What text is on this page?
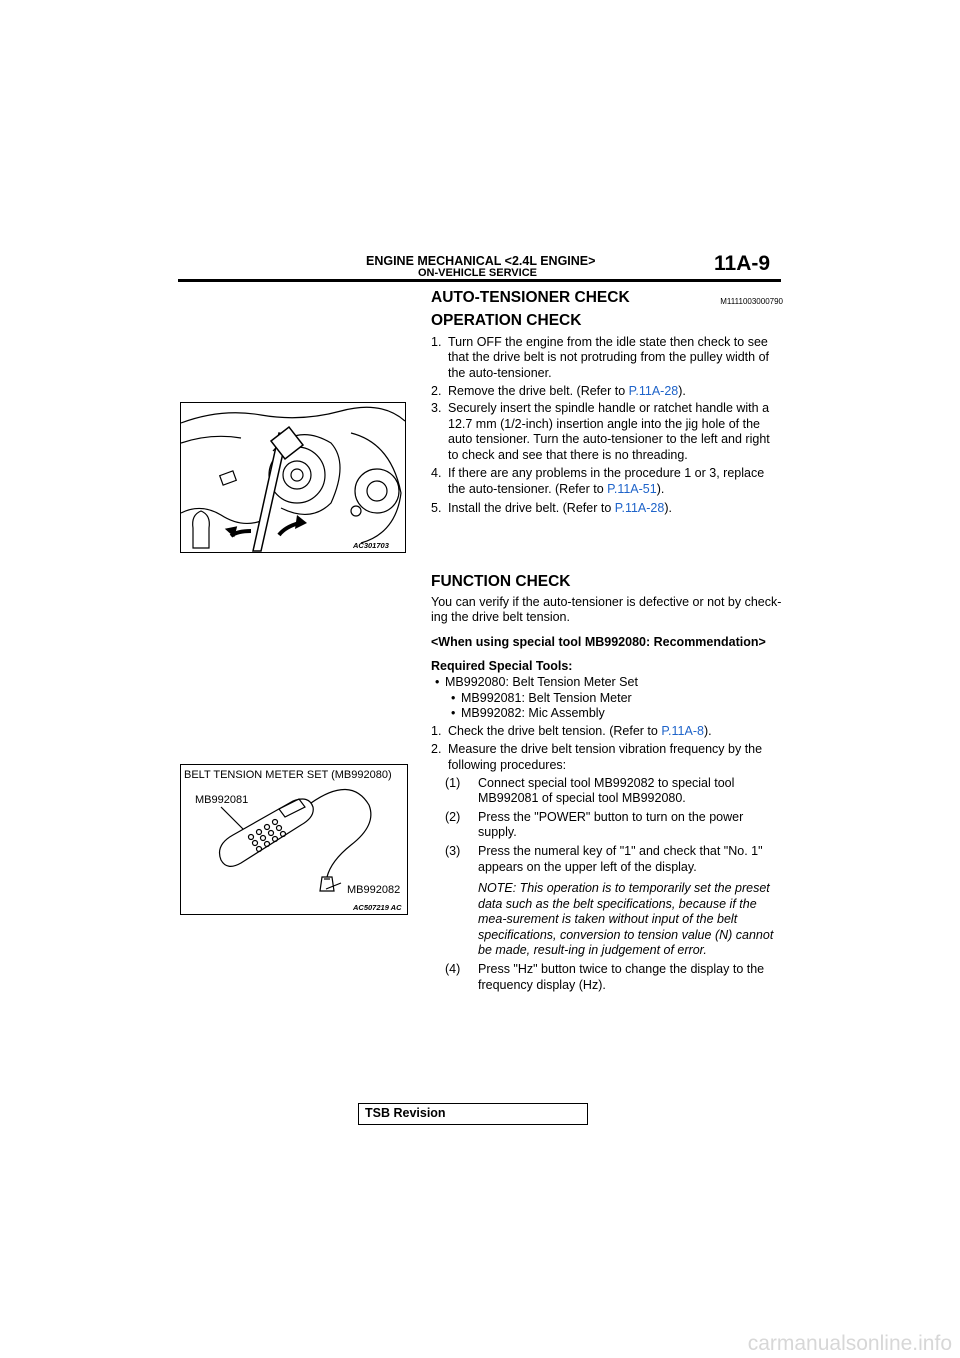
ENGINE MECHANICAL <2.4L ENGINE>
ON-VEHICLE SERVICE	11A-9
AC301703
BELT TENSION METER SET (MB992080)
MB992081
MB992082
AC507219 AC
AUTO-TENSIONER CHECK	M1111003000790
OPERATION CHECK

1. Turn OFF the engine from the idle state then check to see that the drive belt is not protruding from the pulley width of the auto-tensioner.

2. Remove the drive belt. (Refer to P.11A-28).

3. Securely insert the spindle handle or ratchet handle with a 12.7 mm (1/2-inch) insertion angle into the jig hole of the auto tensioner. Turn the auto-tensioner to the left and right to check and see that there is no threading.

4. If there are any problems in the procedure 1 or 3, replace the auto-tensioner. (Refer to P.11A-51).

5. Install the drive belt. (Refer to P.11A-28).

FUNCTION CHECK

You can verify if the auto-tensioner is defective or not by check-ing the drive belt tension.

<When using special tool MB992080: Recommendation>

Required Special Tools:
• MB992080: Belt Tension Meter Set
• MB992081: Belt Tension Meter
• MB992082: Mic Assembly

1. Check the drive belt tension. (Refer to P.11A-8).

2. Measure the drive belt tension vibration frequency by the following procedures:

(1) Connect special tool MB992082 to special tool MB992081 of special tool MB992080.

(2) Press the "POWER" button to turn on the power supply.

(3) Press the numeral key of "1" and check that "No. 1" appears on the upper left of the display.

NOTE: This operation is to temporarily set the preset data such as the belt specifications, because if the mea-surement is taken without input of the belt specifications, conversion to tension value (N) cannot be made, result-ing in judgement of error.

(4) Press "Hz" button twice to change the display to the frequency display (Hz).

TSB Revision
carmanualsonline.info
